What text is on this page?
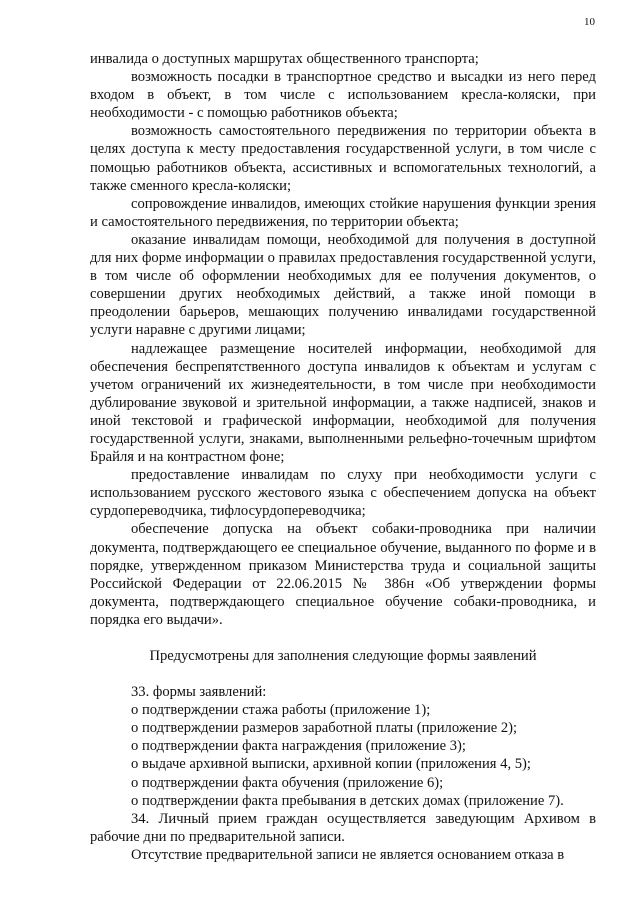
10

инвалида о доступных маршрутах общественного транспорта;

возможность посадки в транспортное средство и высадки из него перед входом в объект, в том числе с использованием кресла-коляски, при необходимости - с помощью работников объекта;

возможность самостоятельного передвижения по территории объекта в целях доступа к месту предоставления государственной услуги, в том числе с помощью работников объекта, ассистивных и вспомогательных технологий, а также сменного кресла-коляски;

сопровождение инвалидов, имеющих стойкие нарушения функции зрения и самостоятельного передвижения, по территории объекта;

оказание инвалидам помощи, необходимой для получения в доступной для них форме информации о правилах предоставления государственной услуги, в том числе об оформлении необходимых для ее получения документов, о совершении других необходимых действий, а также иной помощи в преодолении барьеров, мешающих получению инвалидами государственной услуги наравне с другими лицами;

надлежащее размещение носителей информации, необходимой для обеспечения беспрепятственного доступа инвалидов к объектам и услугам с учетом ограничений их жизнедеятельности, в том числе при необходимости дублирование звуковой и зрительной информации, а также надписей, знаков и иной текстовой и графической информации, необходимой для получения государственной услуги, знаками, выполненными рельефно-точечным шрифтом Брайля и на контрастном фоне;

предоставление инвалидам по слуху при необходимости услуги с использованием русского жестового языка с обеспечением допуска на объект сурдопереводчика, тифлосурдопереводчика;

обеспечение допуска на объект собаки-проводника при наличии документа, подтверждающего ее специальное обучение, выданного по форме и в порядке, утвержденном приказом Министерства труда и социальной защиты Российской Федерации от 22.06.2015 № 386н «Об утверждении формы документа, подтверждающего специальное обучение собаки-проводника, и порядка его выдачи».

Предусмотрены для заполнения следующие формы заявлений

33. формы заявлений:

о подтверждении стажа работы (приложение 1);
о подтверждении размеров заработной платы (приложение 2);
о подтверждении факта награждения (приложение 3);
о выдаче архивной выписки, архивной копии (приложения 4, 5);
о подтверждении факта обучения (приложение 6);
о подтверждении факта пребывания в детских домах (приложение 7).

34. Личный прием граждан осуществляется заведующим Архивом в рабочие дни по предварительной записи.

Отсутствие предварительной записи не является основанием отказа в
